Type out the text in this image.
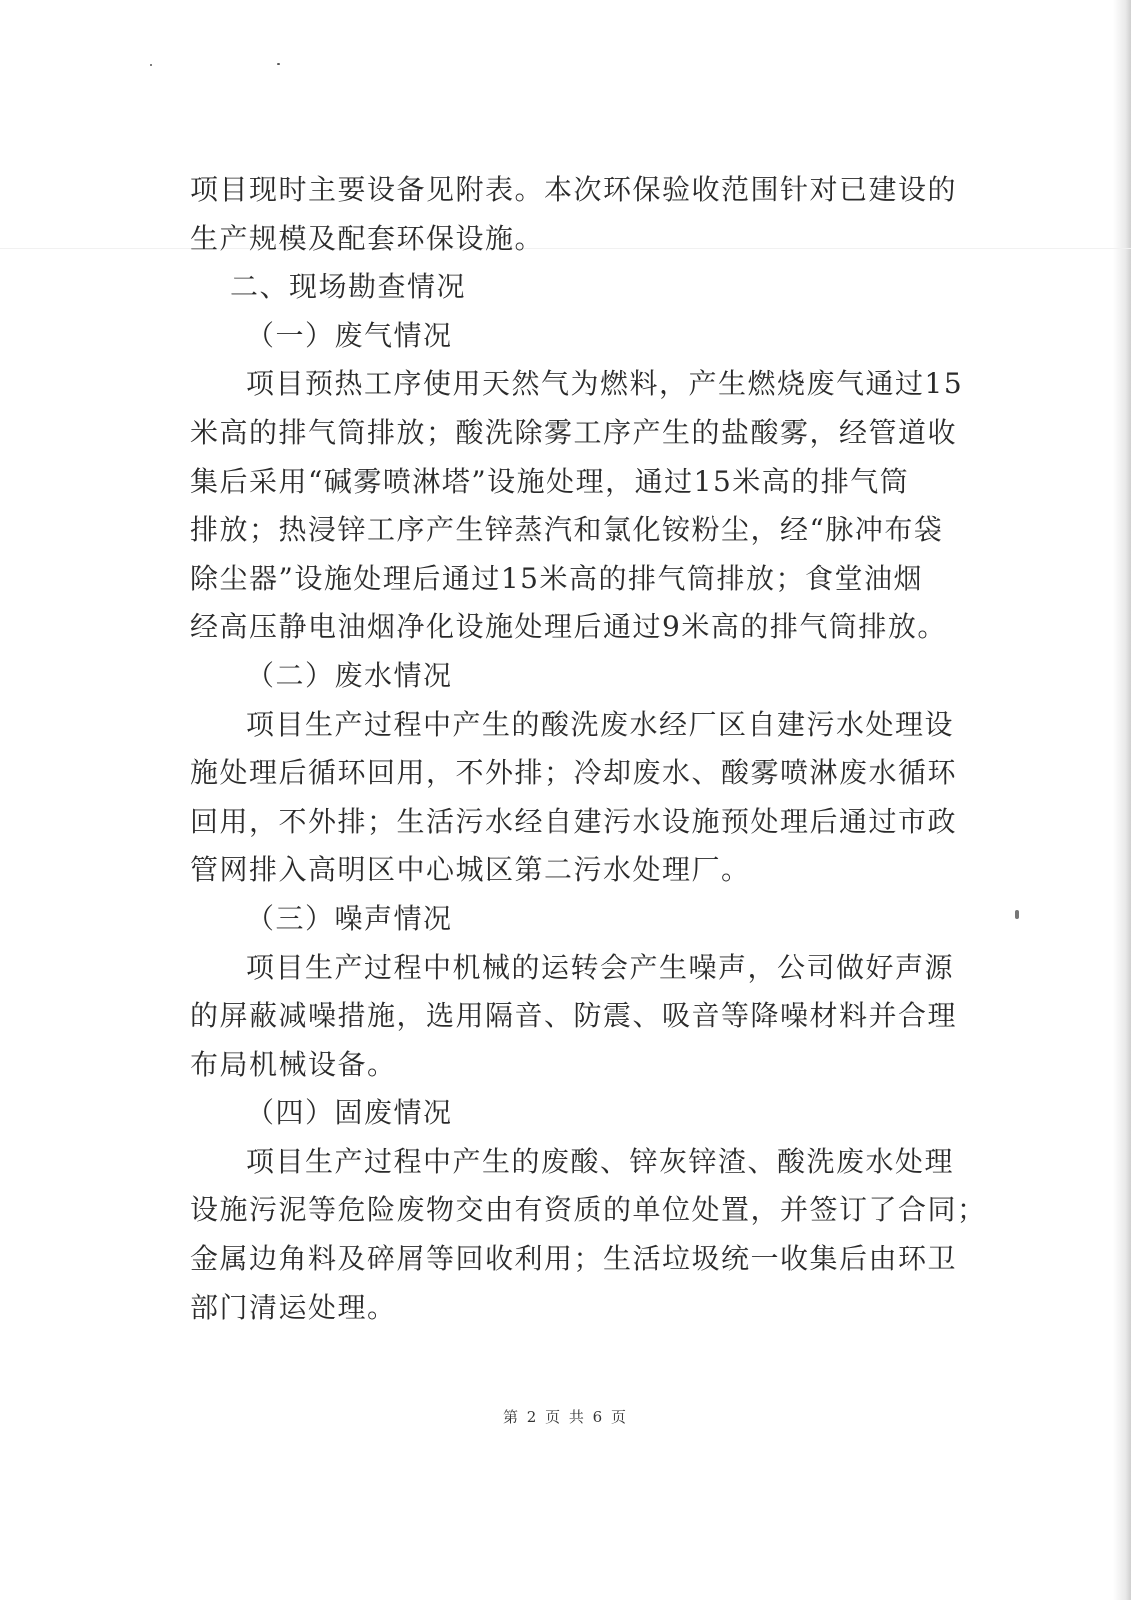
项目现时主要设备见附表。本次环保验收范围针对已建设的
生产规模及配套环保设施。
二、现场勘查情况
（一）废气情况
项目预热工序使用天然气为燃料，产生燃烧废气通过15
米高的排气筒排放；酸洗除雾工序产生的盐酸雾，经管道收
集后采用“碱雾喷淋塔”设施处理，通过15米高的排气筒
排放；热浸锌工序产生锌蒸汽和氯化铵粉尘，经“脉冲布袋
除尘器”设施处理后通过15米高的排气筒排放；食堂油烟
经高压静电油烟净化设施处理后通过9米高的排气筒排放。
（二）废水情况
项目生产过程中产生的酸洗废水经厂区自建污水处理设
施处理后循环回用，不外排；冷却废水、酸雾喷淋废水循环
回用，不外排；生活污水经自建污水设施预处理后通过市政
管网排入高明区中心城区第二污水处理厂。
（三）噪声情况
项目生产过程中机械的运转会产生噪声，公司做好声源
的屏蔽减噪措施，选用隔音、防震、吸音等降噪材料并合理
布局机械设备。
（四）固废情况
项目生产过程中产生的废酸、锌灰锌渣、酸洗废水处理
设施污泥等危险废物交由有资质的单位处置，并签订了合同；
金属边角料及碎屑等回收利用；生活垃圾统一收集后由环卫
部门清运处理。
第 2 页 共 6 页
